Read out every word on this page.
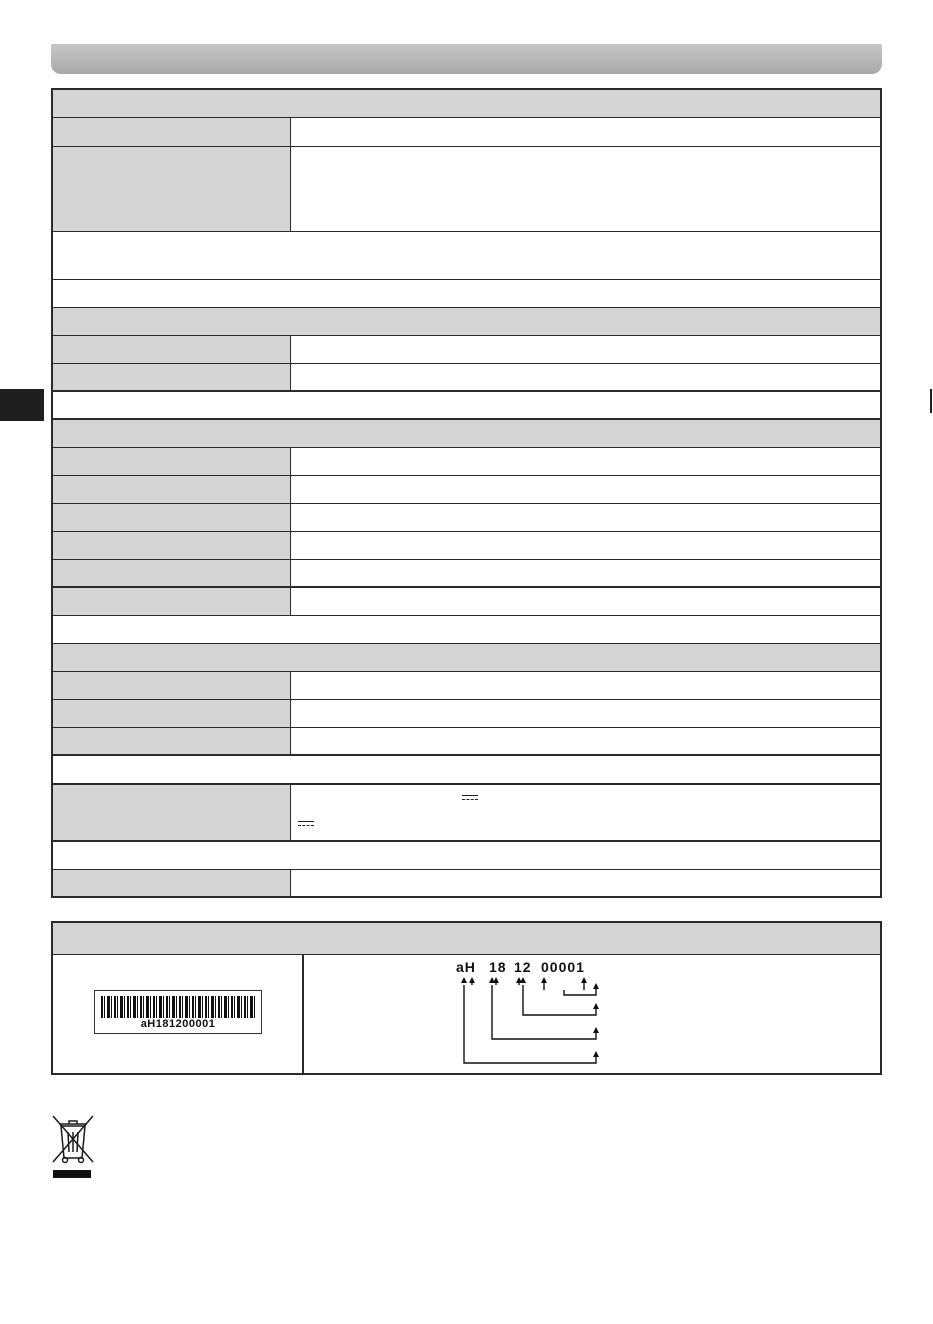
aH181200001
aH 18 12 00001
